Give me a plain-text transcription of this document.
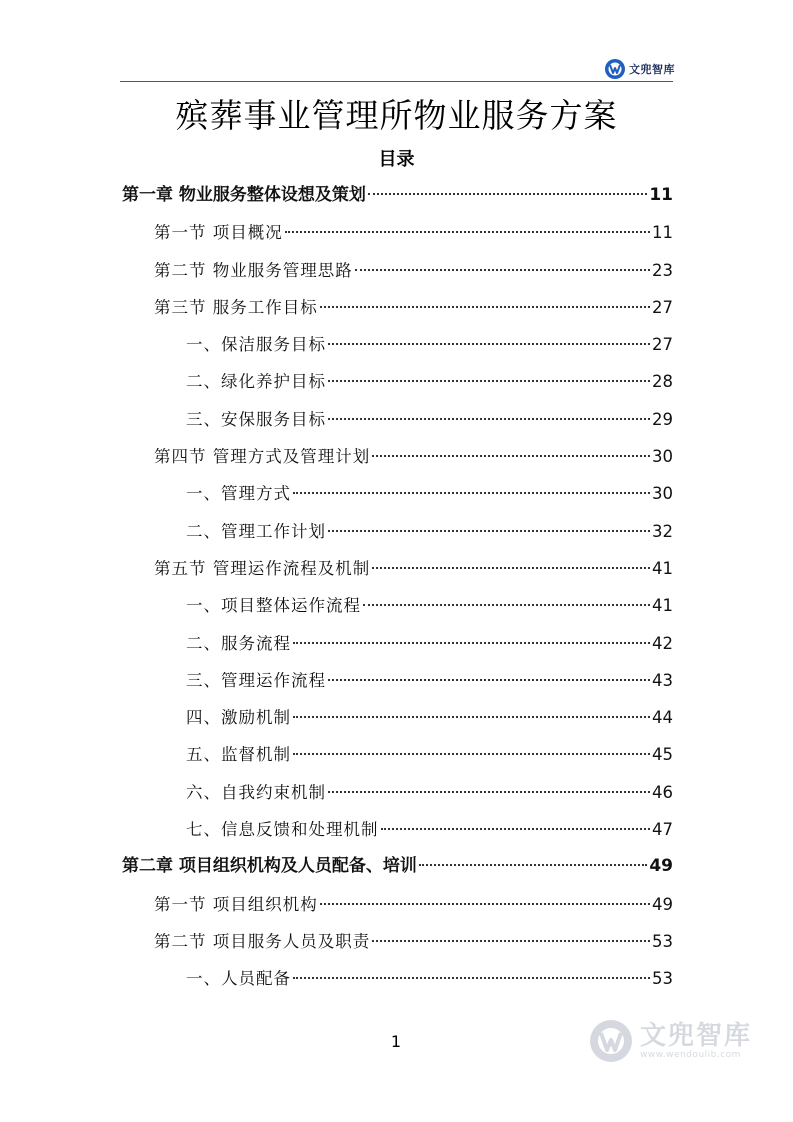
文兜智库
殡葬事业管理所物业服务方案
目录
第一章 物业服务整体设想及策划	11
第一节 项目概况	11
第二节 物业服务管理思路	23
第三节 服务工作目标	27
一、保洁服务目标	27
二、绿化养护目标	28
三、安保服务目标	29
第四节 管理方式及管理计划	30
一、管理方式	30
二、管理工作计划	32
第五节 管理运作流程及机制	41
一、项目整体运作流程	41
二、服务流程	42
三、管理运作流程	43
四、激励机制	44
五、监督机制	45
六、自我约束机制	46
七、信息反馈和处理机制	47
第二章 项目组织机构及人员配备、培训	49
第一节 项目组织机构	49
第二节 项目服务人员及职责	53
一、人员配备	53
1	文兜智库
www.wendoulib.com
